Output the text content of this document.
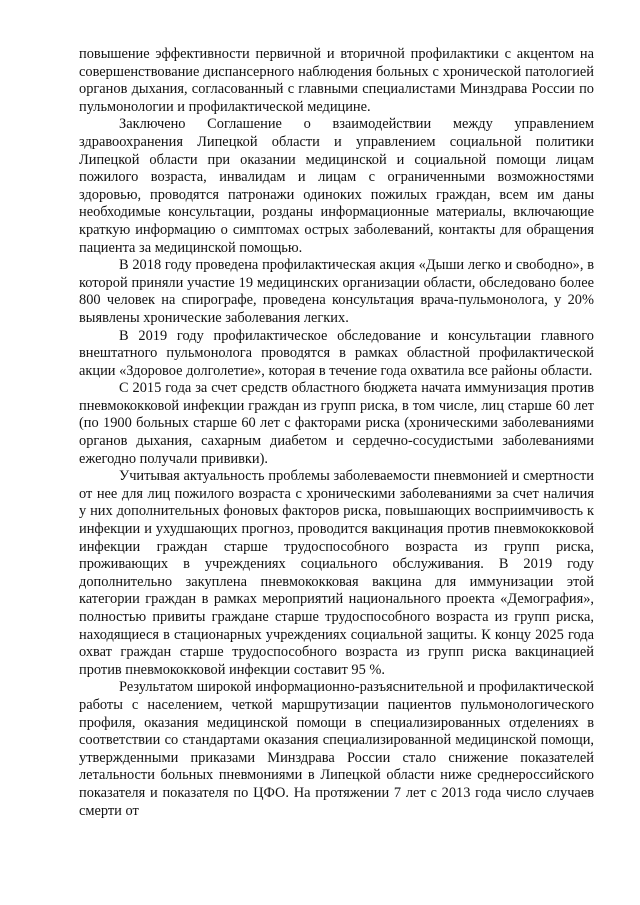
повышение эффективности первичной и вторичной профилактики с акцентом на совершенствование диспансерного наблюдения больных с хронической патологией органов дыхания, согласованный с главными специалистами Минздрава России по пульмонологии и профилактической медицине.

Заключено Соглашение о взаимодействии между управлением здравоохранения Липецкой области и управлением социальной политики Липецкой области при оказании медицинской и социальной помощи лицам пожилого возраста, инвалидам и лицам с ограниченными возможностями здоровью, проводятся патронажи одиноких пожилых граждан, всем им даны необходимые консультации, розданы информационные материалы, включающие краткую информацию о симптомах острых заболеваний, контакты для обращения пациента за медицинской помощью.

В 2018 году проведена профилактическая акция «Дыши легко и свободно», в которой приняли участие 19 медицинских организации области, обследовано более 800 человек на спирографе, проведена консультация врача-пульмонолога, у 20% выявлены хронические заболевания легких.

В 2019 году профилактическое обследование и консультации главного внештатного пульмонолога проводятся в рамках областной профилактической акции «Здоровое долголетие», которая в течение года охватила все районы области.

С 2015 года за счет средств областного бюджета начата иммунизация против пневмококковой инфекции граждан из групп риска, в том числе, лиц старше 60 лет (по 1900 больных старше 60 лет с факторами риска (хроническими заболеваниями органов дыхания, сахарным диабетом и сердечно-сосудистыми заболеваниями ежегодно получали прививки).

Учитывая актуальность проблемы заболеваемости пневмонией и смертности от нее для лиц пожилого возраста с хроническими заболеваниями за счет наличия у них дополнительных фоновых факторов риска, повышающих восприимчивость к инфекции и ухудшающих прогноз, проводится вакцинация против пневмококковой инфекции граждан старше трудоспособного возраста из групп риска, проживающих в учреждениях социального обслуживания. В 2019 году дополнительно закуплена пневмококковая вакцина для иммунизации этой категории граждан в рамках мероприятий национального проекта «Демография», полностью привиты граждане старше трудоспособного возраста из групп риска, находящиеся в стационарных учреждениях социальной защиты. К концу 2025 года охват граждан старше трудоспособного возраста из групп риска вакцинацией против пневмококковой инфекции составит 95 %.

Результатом широкой информационно-разъяснительной и профилактической работы с населением, четкой маршрутизации пациентов пульмонологического профиля, оказания медицинской помощи в специализированных отделениях в соответствии со стандартами оказания специализированной медицинской помощи, утвержденными приказами Минздрава России стало снижение показателей летальности больных пневмониями в Липецкой области ниже среднероссийского показателя и показателя по ЦФО. На протяжении 7 лет с 2013 года число случаев смерти от
